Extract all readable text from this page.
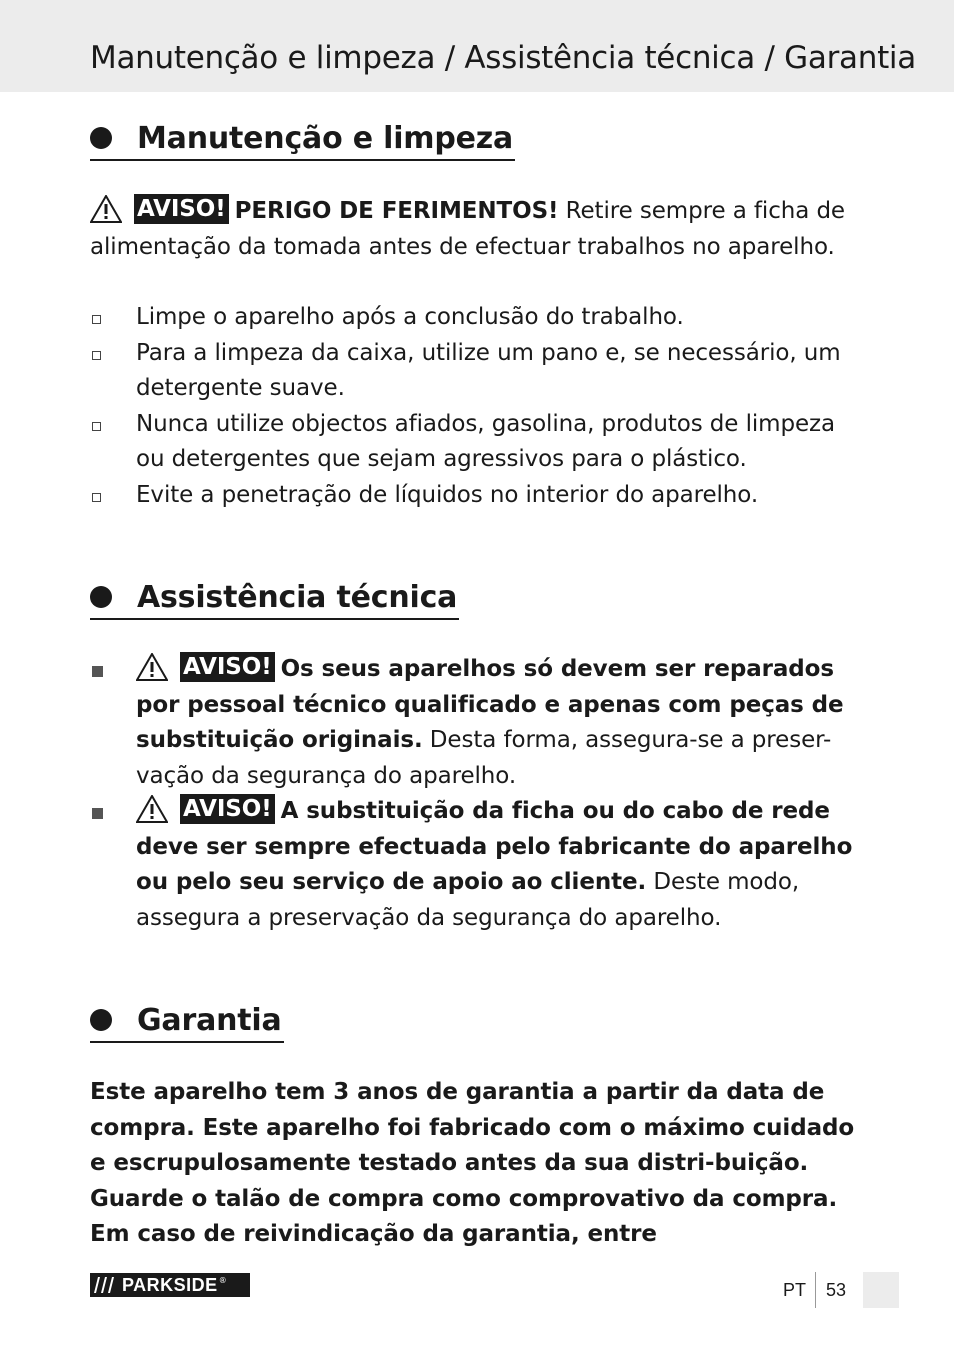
Manutenção e limpeza / Assistência técnica / Garantia
Manutenção e limpeza
AVISO! PERIGO DE FERIMENTOS! Retire sempre a ficha de alimentação da tomada antes de efectuar trabalhos no aparelho.
Limpe o aparelho após a conclusão do trabalho.
Para a limpeza da caixa, utilize um pano e, se necessário, um detergente suave.
Nunca utilize objectos afiados, gasolina, produtos de limpeza ou detergentes que sejam agressivos para o plástico.
Evite a penetração de líquidos no interior do aparelho.
Assistência técnica
AVISO! Os seus aparelhos só devem ser reparados por pessoal técnico qualificado e apenas com peças de substituição originais. Desta forma, assegura-se a preser-vação da segurança do aparelho.
AVISO! A substituição da ficha ou do cabo de rede deve ser sempre efectuada pelo fabricante do aparelho ou pelo seu serviço de apoio ao cliente. Deste modo, assegura a preservação da segurança do aparelho.
Garantia
Este aparelho tem 3 anos de garantia a partir da data de compra. Este aparelho foi fabricado com o máximo cuidado e escrupulosamente testado antes da sua distri-buição. Guarde o talão de compra como comprovativo da compra. Em caso de reivindicação da garantia, entre
PARKSIDE ®	PT 53
